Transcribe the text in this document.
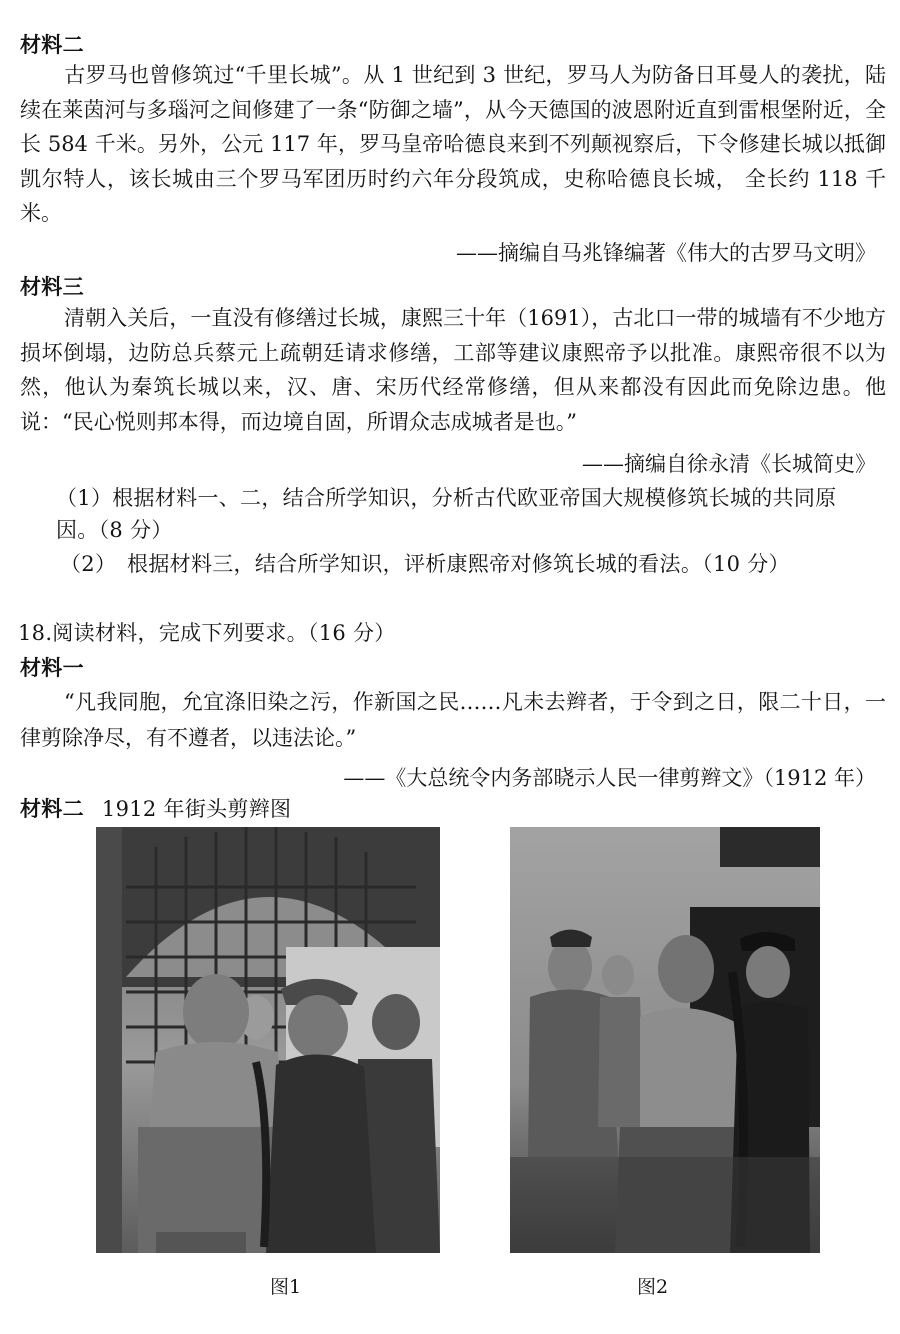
材料二
古罗马也曾修筑过“千里长城”。从 1 世纪到 3 世纪，罗马人为防备日耳曼人的袭扰，陆续在莱茵河与多瑙河之间修建了一条“防御之墙”，从今天德国的波恩附近直到雷根堡附近，全长 584 千米。另外，公元 117 年，罗马皇帝哈德良来到不列颠视察后，下令修建长城以抵御凯尔特人，该长城由三个罗马军团历时约六年分段筑成，史称哈德良长城， 全长约 118 千米。
——摘编自马兆锋编著《伟大的古罗马文明》
材料三
清朝入关后，一直没有修缮过长城，康熙三十年（1691），古北口一带的城墙有不少地方损坏倒塌，边防总兵蔡元上疏朝廷请求修缮，工部等建议康熙帝予以批准。康熙帝很不以为然，他认为秦筑长城以来，汉、唐、宋历代经常修缮，但从来都没有因此而免除边患。他说：“民心悦则邦本得，而边境自固，所谓众志成城者是也。”
——摘编自徐永清《长城简史》
（1）根据材料一、二，结合所学知识，分析古代欧亚帝国大规模修筑长城的共同原
因。（8 分）
（2）　根据材料三，结合所学知识，评析康熙帝对修筑长城的看法。（10 分）
18.阅读材料，完成下列要求。（16 分）
材料一
“凡我同胞，允宜涤旧染之污，作新国之民……凡未去辫者，于令到之日，限二十日，一律剪除净尽，有不遵者，以违法论。”
——《大总统令内务部晓示人民一律剪辫文》（1912 年）
材料二 1912 年街头剪辫图
图1	图2
